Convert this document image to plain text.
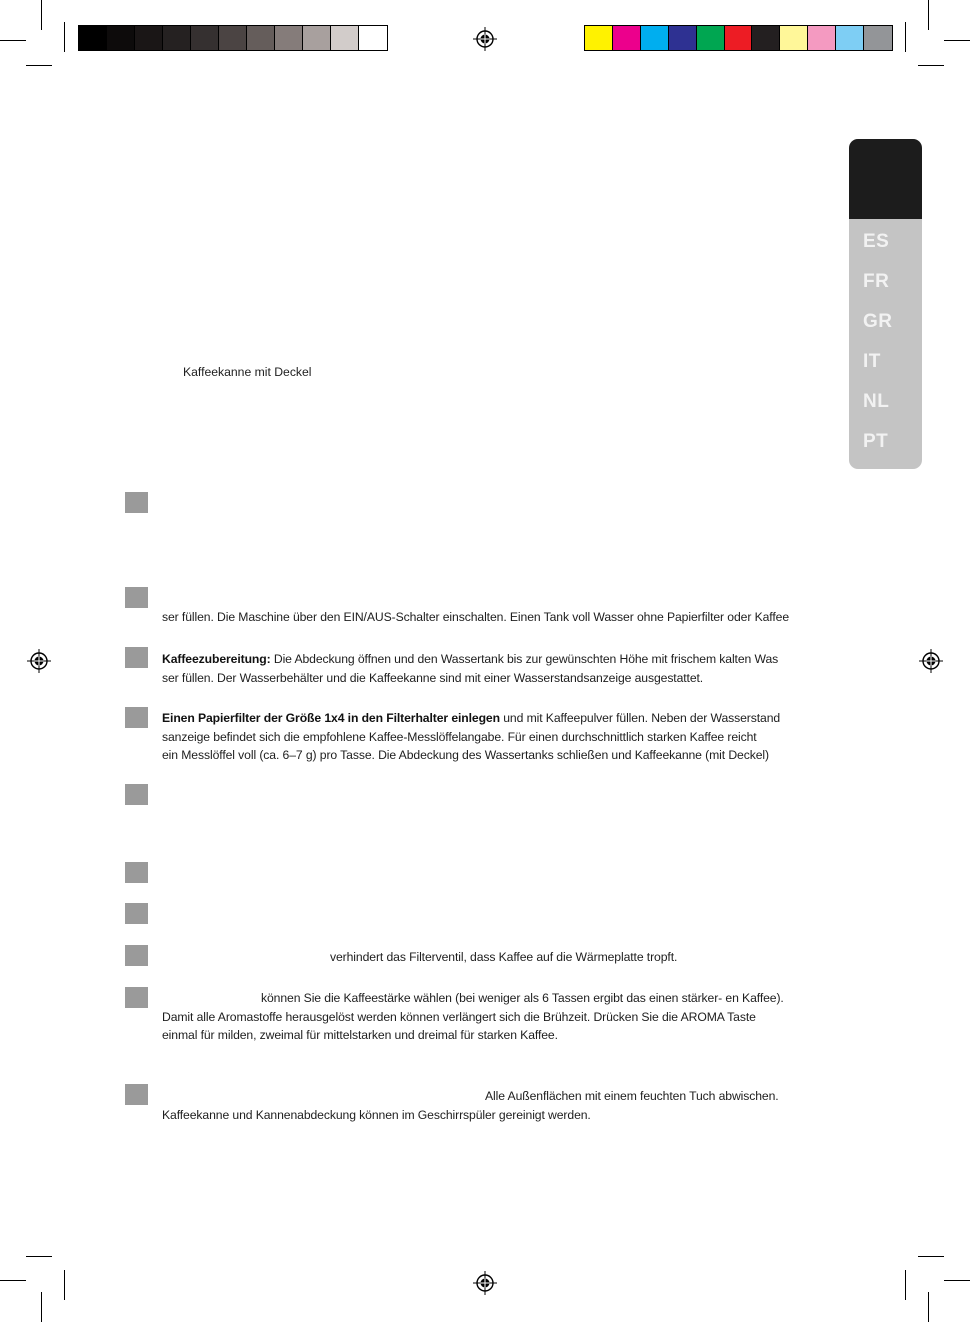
ES
FR
GR
IT
NL
PT
Kaffeekanne mit Deckel
ser füllen. Die Maschine über den EIN/AUS-Schalter einschalten. Einen Tank voll Wasser ohne Papierfilter oder Kaffee
Kaffeezubereitung: Die Abdeckung öffnen und den Wassertank bis zur gewünschten Höhe mit frischem kalten Was
ser füllen. Der Wasserbehälter und die Kaffeekanne sind mit einer Wasserstandsanzeige ausgestattet.
Einen Papierfilter der Größe 1x4 in den Filterhalter einlegen und mit Kaffeepulver füllen. Neben der Wasserstand
sanzeige befindet sich die empfohlene Kaffee-Messlöffelangabe. Für einen durchschnittlich starken Kaffee reicht
ein Messlöffel voll (ca. 6–7 g) pro Tasse. Die Abdeckung des Wassertanks schließen und Kaffeekanne (mit Deckel)
verhindert das Filterventil, dass Kaffee auf die Wärmeplatte tropft.
können Sie die Kaffeestärke wählen (bei weniger als 6 Tassen ergibt das einen stärker- en Kaffee).
Damit alle Aromastoffe herausgelöst werden können verlängert sich die Brühzeit. Drücken Sie die AROMA Taste
einmal für milden, zweimal für mittelstarken und dreimal für starken Kaffee.
Alle Außenflächen mit einem feuchten Tuch abwischen.
Kaffeekanne und Kannenabdeckung können im Geschirrspüler gereinigt werden.
